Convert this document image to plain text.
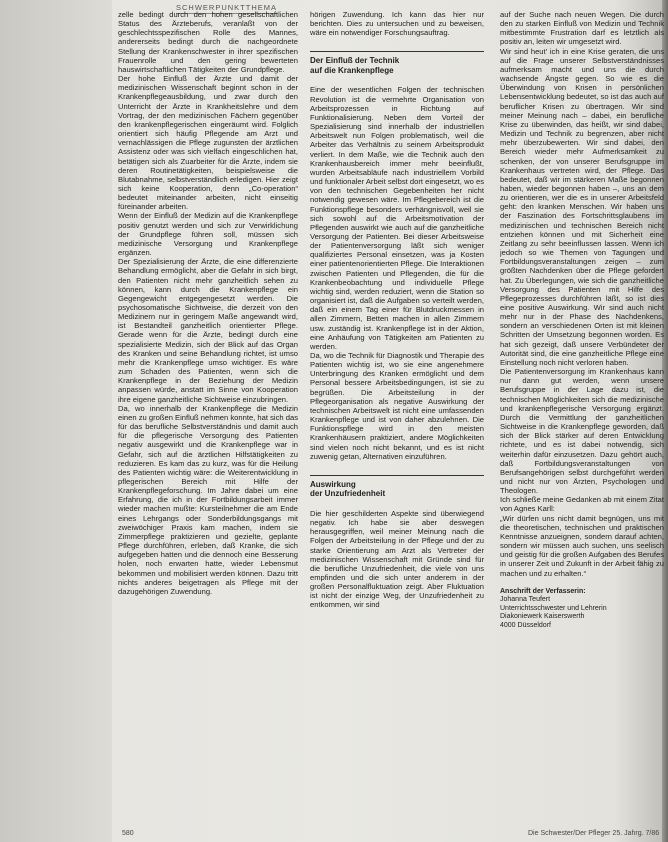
SCHWERPUNKTTHEMA

zelle bedingt durch den hohen gesellschaftlichen Status des Ärzteberufs, veranlaßt von der geschlechtsspezifischen Rolle des Mannes, andererseits bedingt durch die nachgeordnete Stellung der Krankenschwester in ihrer spezifischen Frauenrolle und den gering bewerteten hauswirtschaftlichen Tätigkeiten der Grundpflege.

Der hohe Einfluß der Ärzte und damit der medizinischen Wissenschaft beginnt schon in der Krankenpflegeausbildung, und zwar durch den Unterricht der Ärzte in Krankheitslehre und dem Vortrag, der den medizinischen Fächern gegenüber den krankenpflegerischen eingeräumt wird. Folglich orientiert sich häufig Pflegende am Arzt und vernachlässigen die Pflege zugunsten der ärztlichen Assistenz oder was sich vielfach eingeschlichen hat, betätigen sich als Zuarbeiter für die Ärzte, indem sie deren Routinetätigkeiten, beispielsweise die Blutabnahme, selbstverständlich erledigen. Hier zeigt sich keine Kooperation, denn „Co-operation“ bedeutet miteinander arbeiten, nicht einseitig füreinander arbeiten.

Wenn der Einfluß der Medizin auf die Krankenpflege positiv genutzt werden und sich zur Verwirklichung der Grundpflege führen soll, müssen sich medizinische Versorgung und Krankenpflege ergänzen.

Der Spezialisierung der Ärzte, die eine differenzierte Behandlung ermöglicht, aber die Gefahr in sich birgt, den Patienten nicht mehr ganzheitlich sehen zu können, kann durch die Krankenpflege ein Gegengewicht entgegengesetzt werden. Die psychosomatische Sichtweise, die derzeit von den Medizinern nur in geringem Maße angewandt wird, ist Bestandteil ganzheitlich orientierter Pflege. Gerade wenn für die Ärzte, bedingt durch eine spezialisierte Medizin, sich der Blick auf das Organ des Kranken und seine Behandlung richtet, ist umso mehr die Krankenpflege umso wichtiger. Es wäre zum Schaden des Patienten, wenn sich die Krankenpflege in der Beziehung der Medizin anpassen würde, anstatt im Sinne von Kooperation ihre eigene ganzheitliche Sichtweise einzubringen.

Da, wo innerhalb der Krankenpflege die Medizin einen zu großen Einfluß nehmen konnte, hat sich das für das berufliche Selbstverständnis und damit auch für die pflegerische Versorgung des Patienten negativ ausgewirkt und die Krankenpflege war in Gefahr, sich auf die ärztlichen Hilfstätigkeiten zu reduzieren. Es kam das zu kurz, was für die Heilung des Patienten wichtig wäre: die Weiterentwicklung in pflegerischen Bereich mit Hilfe der Krankenpflegeforschung. Im Jahre dabei um eine Erfahrung, die ich in der Fortbildungsarbeit immer wieder machen mußte: Kursteilnehmer die am Ende eines Lehrgangs oder Sonderbildungsgangs mit zweiwöchiger Praxis kam machen, indem sie Zimmerpflege praktizieren und gezielte, geplante Pflege durchführen, erleben, daß Kranke, die sich aufgegeben hatten und die dennoch eine Besserung holen, noch erwarten hatte, wieder Lebensmut bekommen und mobilisiert werden können. Dazu tritt nichts anderes beigetragen als Pflege mit der dazugehörigen Zuwendung.

hörigen Zuwendung. Ich kann das hier nur berichten. Dies zu untersuchen und zu beweisen, wäre ein notwendiger Forschungsauftrag.

Der Einfluß der Technik
auf die Krankenpflege

Eine der wesentlichen Folgen der technischen Revolution ist die vermehrte Organisation von Arbeitsprozessen in Richtung auf Funktionalisierung. Neben dem Vorteil der Spezialisierung sind innerhalb der industriellen Arbeitswelt nun Folgen problematisch, weil die Arbeiter das Verhältnis zu seinem Arbeitsprodukt verliert. In dem Maße, wie die Technik auch den Krankenhausbereich immer mehr beeinflußt, wurden Arbeitsabläufe nach industriellem Vorbild und funktionaler Arbeit selbst dort eingesetzt, wo es von den technischen Gegebenheiten her nicht notwendig gewesen wäre. Im Pflegebereich ist die Funktionspflege besonders verhängnisvoll, weil sie sich sowohl auf die Arbeitsmotivation der Pflegenden auswirkt wie auch auf die ganzheitliche Versorgung der Patienten. Bei dieser Arbeitsweise der Patientenversorgung läßt sich weniger qualifiziertes Personal einsetzen, was ja Kosten einer patientenorientierten Pflege. Die Interaktionen zwischen Patienten und Pflegenden, die für die Krankenbeobachtung und individuelle Pflege wichtig sind, werden reduziert, wenn die Station so organisiert ist, daß die Aufgaben so verteilt werden, daß ein einem Tag einer für Blutdruckmessen in allen Zimmern, Betten machen in allen Zimmern usw. zuständig ist. Krankenpflege ist in der Aktion, eine Anhäufung von Tätigkeiten am Patienten zu werden.

Da, wo die Technik für Diagnostik und Therapie des Patienten wichtig ist, wo sie eine angenehmere Unterbringung des Kranken ermöglicht und dem Personal bessere Arbeitsbedingungen, ist sie zu begrüßen. Die Arbeitsteilung in der Pflegeorganisation als negative Auswirkung der technischen Arbeitswelt ist nicht eine umfassenden Krankenpflege und ist von daher abzulehnen. Die Funktionspflege wird in den meisten Krankenhäusern praktiziert, andere Möglichkeiten sind vielen noch nicht bekannt, und es ist nicht zuwenig getan, Alternativen einzuführen.

Auswirkung
der Unzufriedenheit

Die hier geschilderten Aspekte sind überwiegend negativ. Ich habe sie aber deswegen herausgegriffen, weil meiner Meinung nach die Folgen der Arbeitsteilung in der Pflege und der zu starke Orientierung am Arzt als Vertreter der medizinischen Wissenschaft mit Gründe sind für die berufliche Unzufriedenheit, die viele von uns empfinden und die sich unter anderem in der großen Personalfluktuation zeigt. Aber Fluktuation ist nicht der einzige Weg, der Unzufriedenheit zu entkommen, wir sind

auf der Suche nach neuen Wegen. Die durch den zu starken Einfluß von Medizin und Technik mitbestimmte Frustration darf es letztlich als positiv an, leiten wir umgesetzt wird.

Wir sind heut' ich in eine Krise geraten, die uns auf die Frage unserer Selbstverständnisses aufmerksam macht und uns die durch wachsende Ängste gegen. So wie es die Überwindung von Krisen in persönlichen Lebensentwicklung bedeutet, so ist das auch auf beruflicher Krisen zu übertragen. Wir sind meiner Meinung nach – dabei, ein berufliche Krise zu überwinden, das heißt, wir sind dabei, Medizin und Technik zu begrenzen, aber nicht mehr überzubewerten. Wir sind dabei, den Bereich wieder mehr Aufmerksamkeit zu schenken, der von unserer Berufsgruppe im Krankenhaus vertreten wird, der Pflege. Das bedeutet, daß wir im stärkeren Maße begonnen haben, wieder begonnen haben –, uns an dem zu orientieren, wer die es in unserer Arbeitsfeld geht: den kranken Menschen. Wir haben uns der Faszination des Fortschrittsglaubens im medizinischen und technischen Bereich nicht entziehen können und mit Sicherheit eine Zeitlang zu sehr beeinflussen lassen. Wenn ich jedoch so wie Themen von Tagungen und Fortbildungsveranstaltungen zeigen – zum größten Nachdenken über die Pflege gefordert hat. Zu Überlegungen, wie sich die ganzheitliche Versorgung des Patienten mit Hilfe des Pflegeprozesses durchführen läßt, so ist dies eine positive Auswirkung. Wir sind auch nicht mehr nur in der Phase des Nachdenkens, sondern an verschiedenen Orten ist mit kleinen Schritten der Umsetzung begonnen worden. Es hat sich gezeigt, daß unsere Verbündeter der Autorität sind, die eine ganzheitliche Pflege eine Einstellung noch nicht verloren haben.

Die Patientenversorgung im Krankenhaus kann nur dann gut werden, wenn unsere Berufsgruppe in der Lage dazu ist, die technischen Möglichkeiten sich die medizinische und krankenpflegerische Versorgung ergänzt. Durch die Vermittlung der ganzheitlichen Sichtweise in die Krankenpflege geworden, daß sich der Blick stärker auf deren Entwicklung richtete, und es ist dabei notwendig, sich weiterhin dafür einzusetzen. Dazu gehört auch, daß Fortbildungsveranstaltungen von Berufsangehörigen selbst durchgeführt werden und nicht nur von Ärzten, Psychologen und Theologen.

Ich schließe meine Gedanken ab mit einem Zitat von Agnes Karll:

„Wir dürfen uns nicht damit begnügen, uns mit die theoretischen, technischen und praktischen Kenntnisse anzueignen, sondern darauf achten, sondern wir müssen auch suchen, uns seelisch und geistig für die großen Aufgaben des Berufes in unserer Zeit und Zukunft in der Arbeit fähig zu machen und zu erhalten.“

Anschrift der Verfasserin:
Johanna Teufert
Unterrichtsschwester und Lehrerin
Diakoniewerk Kaiserswerth
4000 Düsseldorf
580	Die Schwester/Der Pfleger 25. Jahrg. 7/86
